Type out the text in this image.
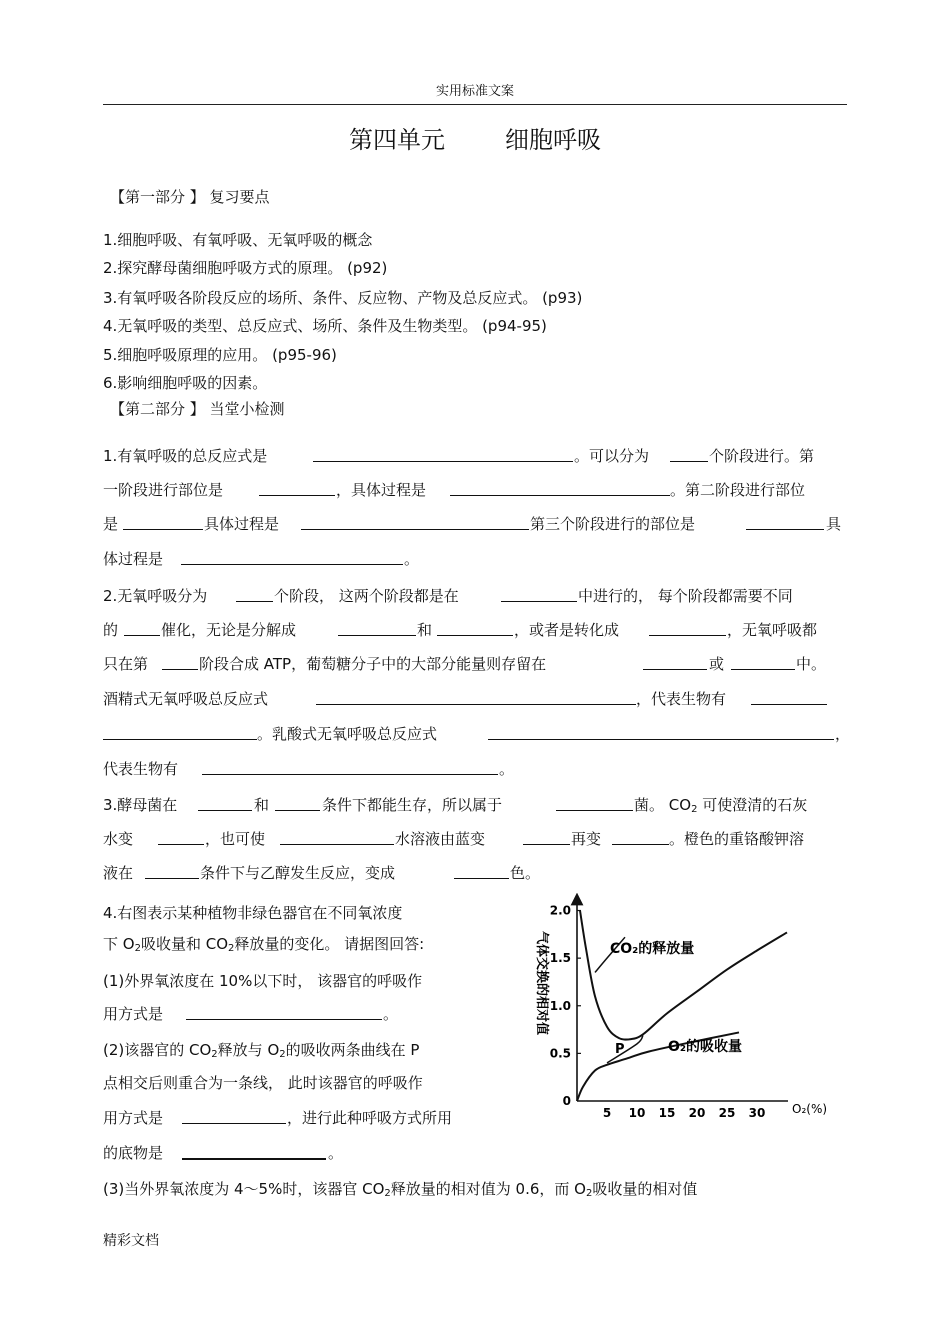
实用标准文案
第四单元	细胞呼吸
【第一部分 】 复习要点
1.细胞呼吸、有氧呼吸、无氧呼吸的概念
2.探究酵母菌细胞呼吸方式的原理。 (p92)
3.有氧呼吸各阶段反应的场所、条件、反应物、产物及总反应式。 (p93)
4.无氧呼吸的类型、总反应式、场所、条件及生物类型。 (p94-95)
5.细胞呼吸原理的应用。 (p95-96)
6.影响细胞呼吸的因素。
【第二部分 】 当堂小检测
1.有氧呼吸的总反应式是	。可以分为	个阶段进行。第
一阶段进行部位是	，具体过程是	。第二阶段进行部位
是	具体过程是	第三个阶段进行的部位是	具
体过程是	。
2.无氧呼吸分为	个阶段， 这两个阶段都是在	中进行的， 每个阶段都需要不同
的	催化，无论是分解成	和	，或者是转化成	，无氧呼吸都
只在第	阶段合成 ATP，葡萄糖分子中的大部分能量则存留在	或	中。
酒精式无氧呼吸总反应式	，代表生物有
。乳酸式无氧呼吸总反应式	，
代表生物有	。
3.酵母菌在	和	条件下都能生存，所以属于	菌。 $CO_2$ 可使澄清的石灰
水变	，也可使	水溶液由蓝变	再变	。橙色的重铬酸钾溶
液在	条件下与乙醇发生反应，变成	色。
4.右图表示某种植物非绿色器官在不同氧浓度
下 $O_2$吸收量和 $CO_2$释放量的变化。 请据图回答:
(1)外界氧浓度在 10%以下时， 该器官的呼吸作
用方式是	。
(2)该器官的 $CO_2$释放与 $O_2$的吸收两条曲线在 P
点相交后则重合为一条线， 此时该器官的呼吸作
用方式是	，进行此种呼吸方式所用
的底物是	。
(3)当外界氧浓度为 4～5%时，该器官 $CO_2$释放量的相对值为 0.6，而 $O_2$吸收量的相对值
气体交换的相对值
O₂(%)
5 10 15 20 25 30
0
0.5
1.0
1.5
2.0
CO₂的释放量
O₂的吸收量
P
精彩文档
